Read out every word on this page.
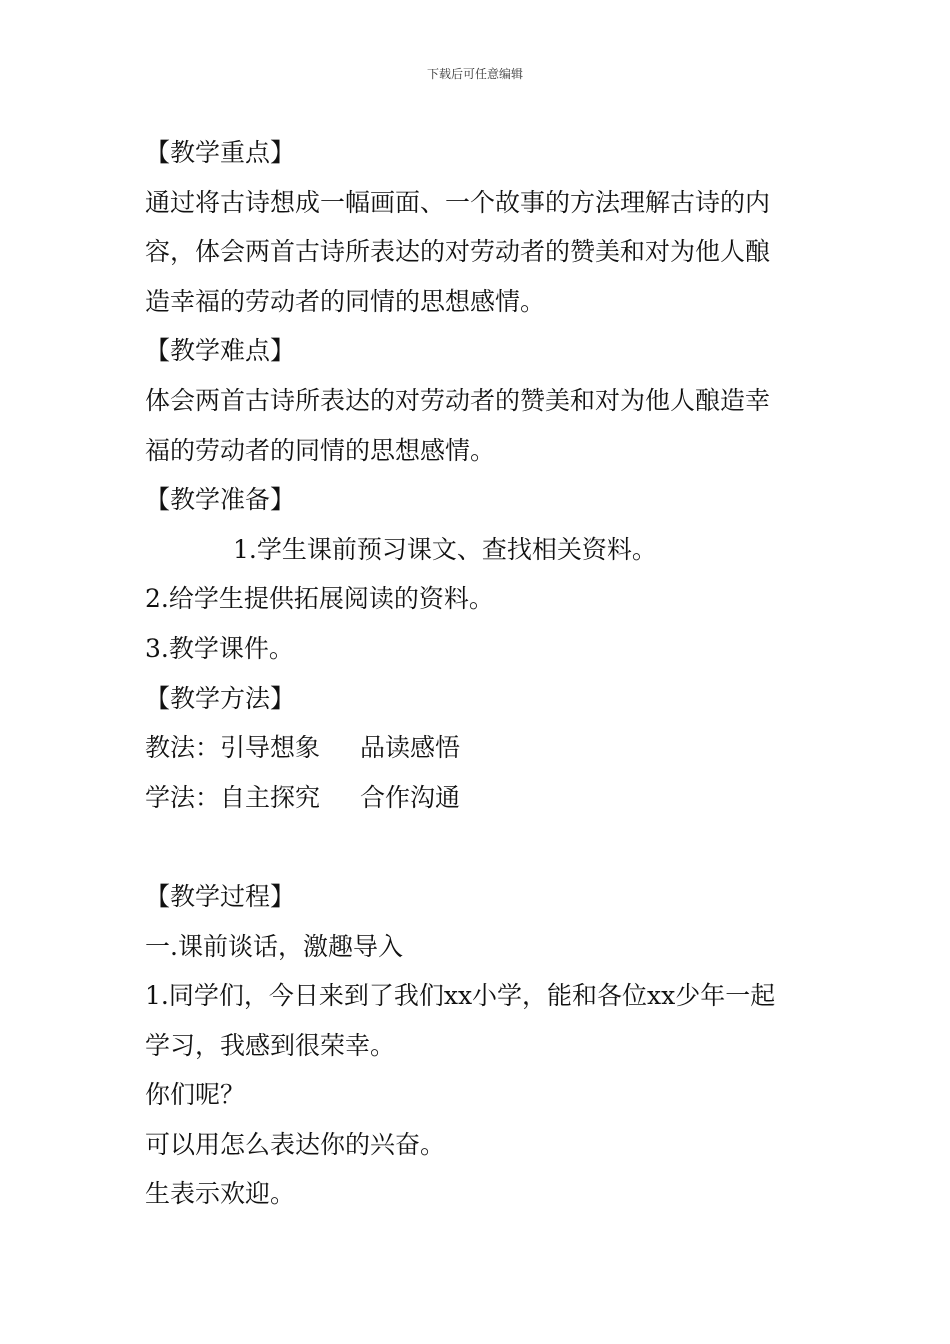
下载后可任意编辑
【教学重点】
通过将古诗想成一幅画面、一个故事的方法理解古诗的内
容，体会两首古诗所表达的对劳动者的赞美和对为他人酿
造幸福的劳动者的同情的思想感情。
【教学难点】
体会两首古诗所表达的对劳动者的赞美和对为他人酿造幸
福的劳动者的同情的思想感情。
【教学准备】
1.学生课前预习课文、查找相关资料。
2.给学生提供拓展阅读的资料。
3.教学课件。
【教学方法】
教法：引导想象 品读感悟
学法：自主探究 合作沟通
【教学过程】
一.课前谈话，激趣导入
1.同学们，今日来到了我们xx小学，能和各位xx少年一起
学习，我感到很荣幸。
你们呢？
可以用怎么表达你的兴奋。
生表示欢迎。
